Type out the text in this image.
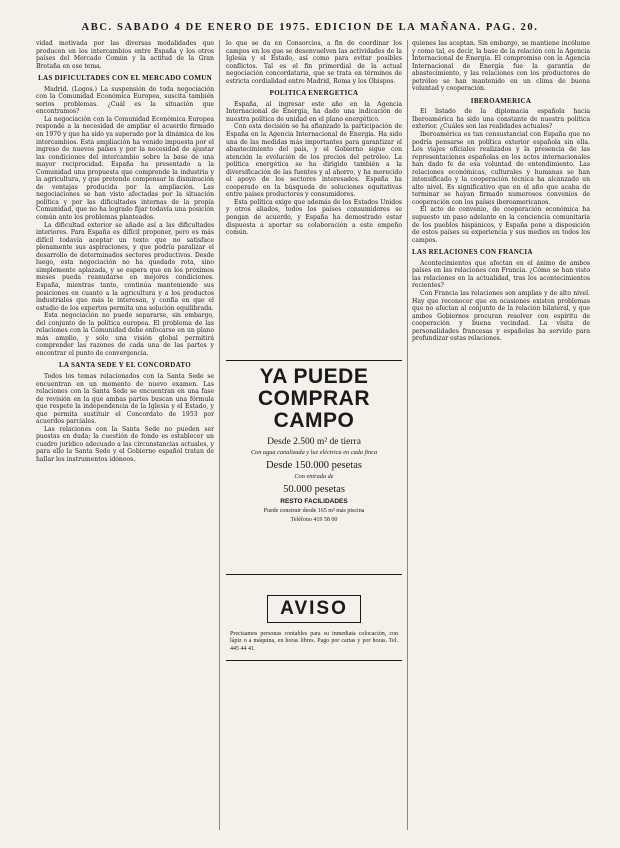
ABC. SABADO 4 DE ENERO DE 1975. EDICION DE LA MAÑANA. PAG. 20.

vidad motivada por las diversas modalidades que producen en los intercambios entre España y los otros países del Mercado Común y la actitud de la Gran Bretaña en ese tema.

LAS DIFICULTADES CON EL MERCADO COMUN

Madrid. (Logos.) La suspensión de toda negociación con la Comunidad Económica Europea, suscita también serios problemas. ¿Cuál es la situación que encontramos?

La negociación con la Comunidad Económica Europea responde a la necesidad de ampliar el acuerdo firmado en 1970 y que ha sido ya superado por la dinámica de los intercambios. Esta ampliación ha venido impuesta por el ingreso de nuevos países y por la necesidad de ajustar las condiciones del intercambio sobre la base de una mayor reciprocidad. España ha presentado a la Comunidad una propuesta que comprende la industria y la agricultura, y que pretende compensar la disminución de ventajas producida por la ampliación. Las negociaciones se han visto afectadas por la situación política y por las dificultades internas de la propia Comunidad, que no ha logrado fijar todavía una posición común ante los problemas planteados.

La dificultad exterior se añade así a las dificultades interiores. Para España es difícil proponer, pero es más difícil todavía aceptar un texto que no satisface plenamente sus aspiraciones, y que podría paralizar el desarrollo de determinados sectores productivos. Desde luego, esta negociación no ha quedado rota, sino simplemente aplazada, y se espera que en los próximos meses pueda reanudarse en mejores condiciones. España, mientras tanto, continúa manteniendo sus posiciones en cuanto a la agricultura y a los productos industriales que más le interesan, y confía en que el estudio de los expertos permita una solución equilibrada.

Esta negociación no puede separarse, sin embargo, del conjunto de la política europea. El problema de las relaciones con la Comunidad debe enfocarse en un plano más amplio, y sólo una visión global permitirá comprender las razones de cada una de las partes y encontrar el punto de convergencia.

LA SANTA SEDE Y EL CONCORDATO

Todos los temas relacionados con la Santa Sede se encuentran en un momento de nuevo examen. Las relaciones con la Santa Sede se encuentran en una fase de revisión en la que ambas partes buscan una fórmula que respete la independencia de la Iglesia y el Estado, y que permita sustituir el Concordato de 1953 por acuerdos parciales.

Las relaciones con la Santa Sede no pueden ser puestas en duda; la cuestión de fondo es establecer un cuadro jurídico adecuado a las circunstancias actuales, y para ello la Santa Sede y el Gobierno español tratan de hallar los instrumentos idóneos.

lo que se da en Consorcios, a fin de coordinar los campos en los que se desenvuelven las actividades de la Iglesia y el Estado, así como para evitar posibles conflictos. Tal es el fin primordial de la actual negociación concordataria, que se trata en términos de estricta cordialidad entre Madrid, Roma y los Obispos.

POLITICA ENERGETICA

España, al ingresar este año en la Agencia Internacional de Energía, ha dado una indicación de nuestra política de unidad en el plano energético.

Con esta decisión se ha afianzado la participación de España en la Agencia Internacional de Energía. Ha sido una de las medidas más importantes para garantizar el abastecimiento del país, y el Gobierno sigue con atención la evolución de los precios del petróleo. La política energética se ha dirigido también a la diversificación de las fuentes y al ahorro, y ha merecido el apoyo de los sectores interesados. España ha cooperado en la búsqueda de soluciones equitativas entre países productores y consumidores.

Esta política exige que además de los Estados Unidos y otros aliados, todos los países consumidores se pongan de acuerdo, y España ha demostrado estar dispuesta a aportar su colaboración a este empeño común.

YA PUEDE
COMPRAR CAMPO
Desde 2.500 m² de tierra
Con agua canalizada y luz eléctrica en cada finca
Desde 150.000 pesetas
Con entrada de
50.000 pesetas
RESTO FACILIDADES
Puede construir desde 165 m² más piscina
Teléfono 419 58 00
AVISO
Precisamos personas contables para su inmediata colocación, con lápiz o a máquina, en horas libres. Pago por cartas y por horas. Tel. 445 44 41.

quienes las aceptan. Sin embargo, se mantiene incólume y como tal, es decir, la base de la relación con la Agencia Internacional de Energía. El compromiso con la Agencia Internacional de Energía fue la garantía de abastecimiento, y las relaciones con los productores de petróleo se han mantenido en un clima de buena voluntad y cooperación.

IBEROAMERICA

El listado de la diplomacia española hacia Iberoamérica ha sido una constante de nuestra política exterior. ¿Cuáles son las realidades actuales?

Iberoamérica es tan consustancial con España que no podría pensarse en política exterior española sin ella. Los viajes oficiales realizados y la presencia de las representaciones españolas en los actos internacionales han dado fe de esa voluntad de entendimiento. Las relaciones económicas, culturales y humanas se han intensificado y la cooperación técnica ha alcanzado un alto nivel. Es significativo que en el año que acaba de terminar se hayan firmado numerosos convenios de cooperación con los países iberoamericanos.

El acto de convenio, de cooperación económica ha supuesto un paso adelante en la conciencia comunitaria de los pueblos hispánicos, y España pone a disposición de estos países su experiencia y sus medios en todos los campos.

LAS RELACIONES CON FRANCIA

Acontecimientos que afectan en el ánimo de ambos países en las relaciones con Francia. ¿Cómo se han visto las relaciones en la actualidad, tras los acontecimientos recientes?

Con Francia las relaciones son amplias y de alto nivel. Hay que reconocer que en ocasiones existen problemas que no afectan al conjunto de la relación bilateral, y que ambos Gobiernos procuran resolver con espíritu de cooperación y buena vecindad. La visita de personalidades francesas y españolas ha servido para profundizar estas relaciones.
